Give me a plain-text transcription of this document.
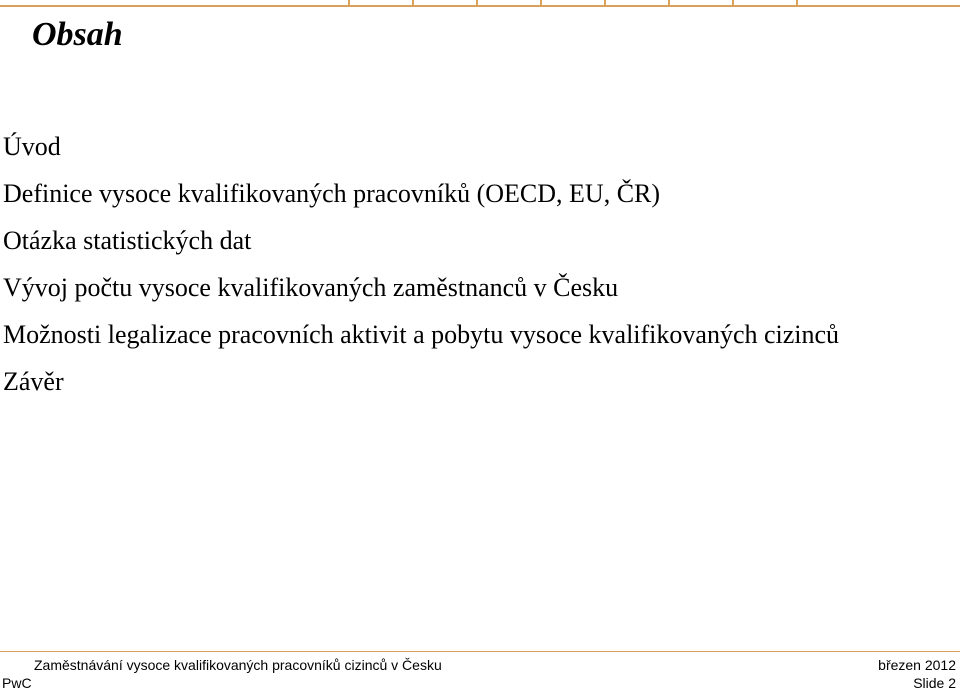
Obsah
Úvod
Definice vysoce kvalifikovaných pracovníků (OECD, EU, ČR)
Otázka statistických dat
Vývoj počtu vysoce kvalifikovaných zaměstnanců v Česku
Možnosti legalizace pracovních aktivit a pobytu vysoce kvalifikovaných cizinců
Závěr
Zaměstnávání vysoce kvalifikovaných pracovníků cizinců v Česku	březen 2012
PwC	Slide 2
